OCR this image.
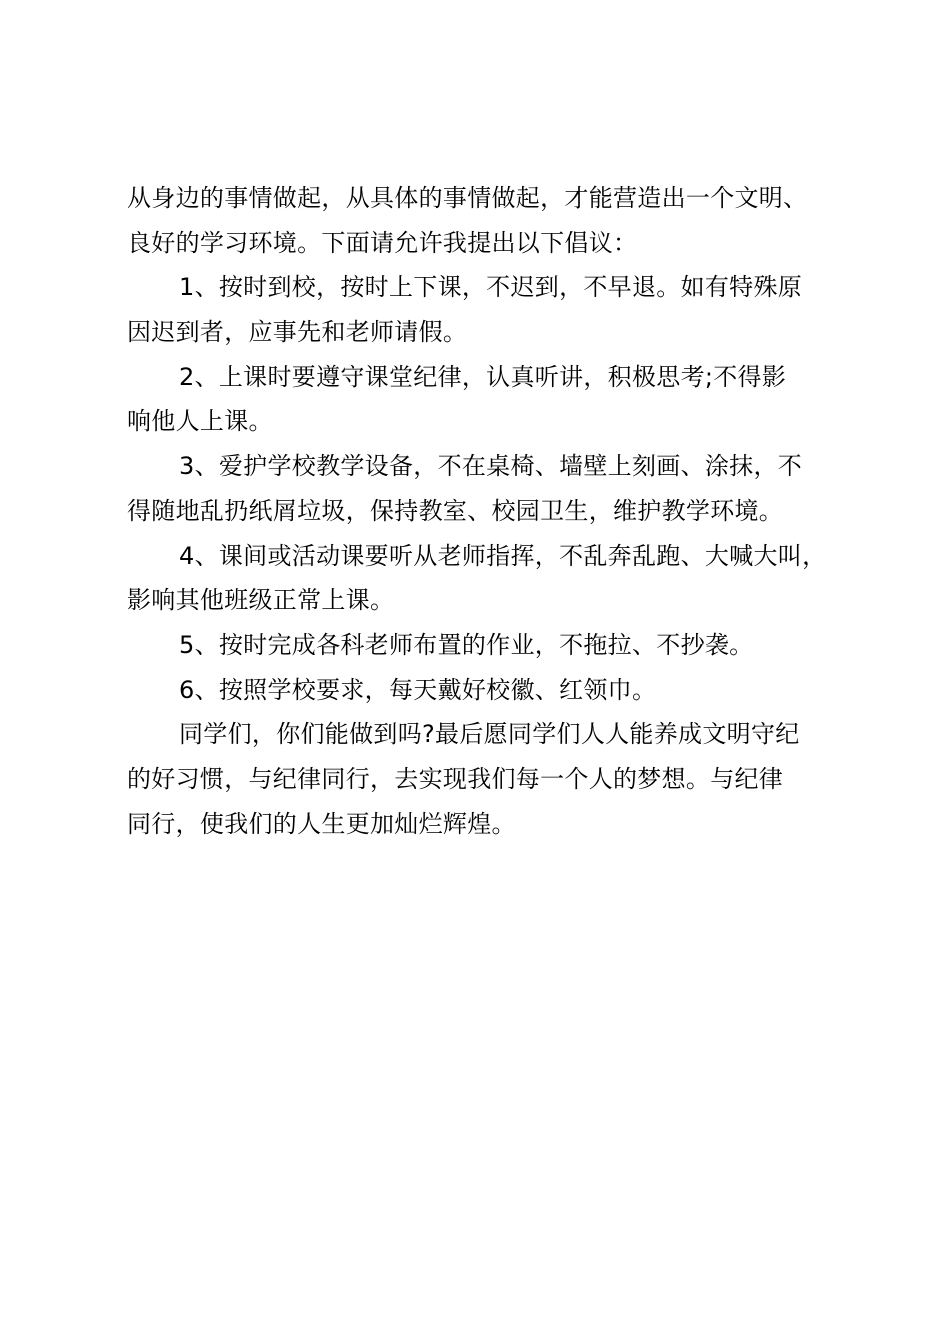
从身边的事情做起，从具体的事情做起，才能营造出一个文明、
良好的学习环境。下面请允许我提出以下倡议：
1、按时到校，按时上下课，不迟到，不早退。如有特殊原
因迟到者，应事先和老师请假。
2、上课时要遵守课堂纪律，认真听讲，积极思考;不得影
响他人上课。
3、爱护学校教学设备，不在桌椅、墙壁上刻画、涂抹，不
得随地乱扔纸屑垃圾，保持教室、校园卫生，维护教学环境。
4、课间或活动课要听从老师指挥，不乱奔乱跑、大喊大叫，
影响其他班级正常上课。
5、按时完成各科老师布置的作业，不拖拉、不抄袭。
6、按照学校要求，每天戴好校徽、红领巾。
同学们，你们能做到吗?最后愿同学们人人能养成文明守纪
的好习惯，与纪律同行，去实现我们每一个人的梦想。与纪律
同行，使我们的人生更加灿烂辉煌。
